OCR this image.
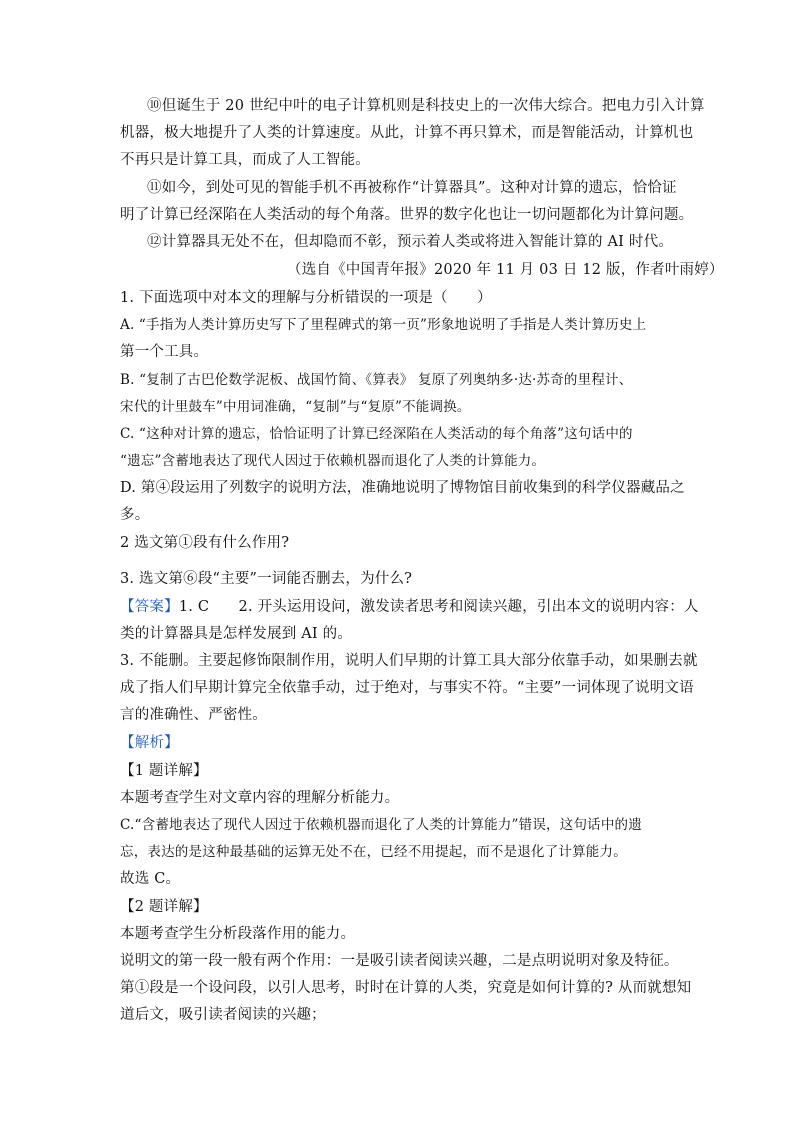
⑩但诞生于 20 世纪中叶的电子计算机则是科技史上的一次伟大综合。把电力引入计算
机器，极大地提升了人类的计算速度。从此，计算不再只算术，而是智能活动，计算机也
不再只是计算工具，而成了人工智能。
⑪如今，到处可见的智能手机不再被称作“计算器具”。这种对计算的遗忘，恰恰证
明了计算已经深陷在人类活动的每个角落。世界的数字化也让一切问题都化为计算问题。
⑫计算器具无处不在，但却隐而不彰，预示着人类或将进入智能计算的 AI 时代。
（选自《中国青年报》2020 年 11 月 03 日 12 版，作者叶雨婷）
1. 下面选项中对本文的理解与分析错误的一项是（　　）
A. “手指为人类计算历史写下了里程碑式的第一页”形象地说明了手指是人类计算历史上
第一个工具。
B. “复制了古巴伦数学泥板、战国竹简、《算表》 复原了列奥纳多·达·苏奇的里程计、
宋代的计里鼓车”中用词准确，“复制”与“复原”不能调换。
C. “这种对计算的遗忘，恰恰证明了计算已经深陷在人类活动的每个角落”这句话中的
“遗忘”含蓄地表达了现代人因过于依赖机器而退化了人类的计算能力。
D. 第④段运用了列数字的说明方法，准确地说明了博物馆目前收集到的科学仪器藏品之
多。
2 选文第①段有什么作用?
3. 选文第⑥段“主要”一词能否删去，为什么?
【答案】1. C　　2. 开头运用设问，激发读者思考和阅读兴趣，引出本文的说明内容：人
类的计算器具是怎样发展到 AI 的。
3. 不能删。主要起修饰限制作用，说明人们早期的计算工具大部分依靠手动，如果删去就
成了指人们早期计算完全依靠手动，过于绝对，与事实不符。“主要”一词体现了说明文语
言的准确性、严密性。
【解析】
【1 题详解】
本题考查学生对文章内容的理解分析能力。
C.“含蓄地表达了现代人因过于依赖机器而退化了人类的计算能力”错误，这句话中的遗
忘，表达的是这种最基础的运算无处不在，已经不用提起，而不是退化了计算能力。
故选 C。
【2 题详解】
本题考查学生分析段落作用的能力。
说明文的第一段一般有两个作用：一是吸引读者阅读兴趣，二是点明说明对象及特征。
第①段是一个设问段，以引人思考，时时在计算的人类，究竟是如何计算的? 从而就想知
道后文，吸引读者阅读的兴趣；
